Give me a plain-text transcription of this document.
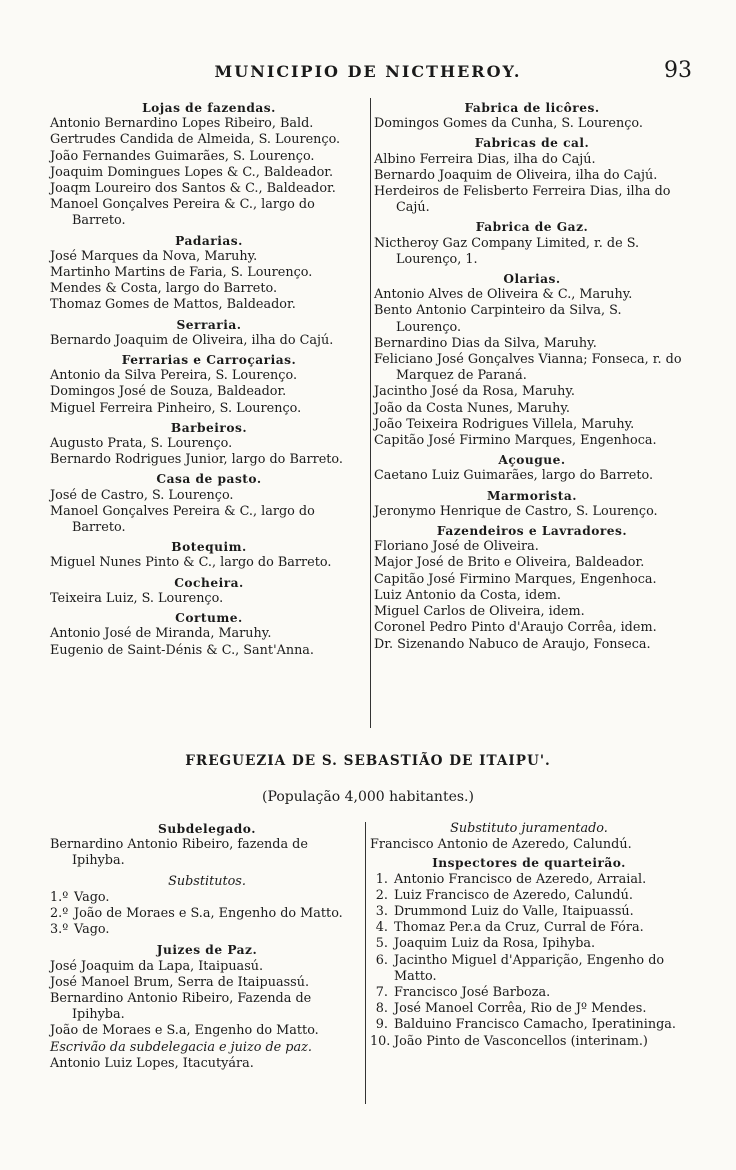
MUNICIPIO DE NICTHEROY.	93
Lojas de fazendas.
Antonio Bernardino Lopes Ribeiro, Bald.
Gertrudes Candida de Almeida, S. Lourenço.
João Fernandes Guimarães, S. Lourenço.
Joaquim Domingues Lopes & C., Baldeador.
Joaqm Loureiro dos Santos & C., Baldeador.
Manoel Gonçalves Pereira & C., largo do Barreto.
Padarias.
José Marques da Nova, Maruhy.
Martinho Martins de Faria, S. Lourenço.
Mendes & Costa, largo do Barreto.
Thomaz Gomes de Mattos, Baldeador.
Serraria.
Bernardo Joaquim de Oliveira, ilha do Cajú.
Ferrarias e Carroçarias.
Antonio da Silva Pereira, S. Lourenço.
Domingos José de Souza, Baldeador.
Miguel Ferreira Pinheiro, S. Lourenço.
Barbeiros.
Augusto Prata, S. Lourenço.
Bernardo Rodrigues Junior, largo do Barreto.
Casa de pasto.
José de Castro, S. Lourenço.
Manoel Gonçalves Pereira & C., largo do Barreto.
Botequim.
Miguel Nunes Pinto & C., largo do Barreto.
Cocheira.
Teixeira Luiz, S. Lourenço.
Cortume.
Antonio José de Miranda, Maruhy.
Eugenio de Saint-Dénis & C., Sant'Anna.
Fabrica de licôres.
Domingos Gomes da Cunha, S. Lourenço.
Fabricas de cal.
Albino Ferreira Dias, ilha do Cajú.
Bernardo Joaquim de Oliveira, ilha do Cajú.
Herdeiros de Felisberto Ferreira Dias, ilha do Cajú.
Fabrica de Gaz.
Nictheroy Gaz Company Limited, r. de S. Lourenço, 1.
Olarias.
Antonio Alves de Oliveira & C., Maruhy.
Bento Antonio Carpinteiro da Silva, S. Lourenço.
Bernardino Dias da Silva, Maruhy.
Feliciano José Gonçalves Vianna; Fonseca, r. do Marquez de Paraná.
Jacintho José da Rosa, Maruhy.
João da Costa Nunes, Maruhy.
João Teixeira Rodrigues Villela, Maruhy.
Capitão José Firmino Marques, Engenhoca.
Açougue.
Caetano Luiz Guimarães, largo do Barreto.
Marmorista.
Jeronymo Henrique de Castro, S. Lourenço.
Fazendeiros e Lavradores.
Floriano José de Oliveira.
Major José de Brito e Oliveira, Baldeador.
Capitão José Firmino Marques, Engenhoca.
Luiz Antonio da Costa, idem.
Miguel Carlos de Oliveira, idem.
Coronel Pedro Pinto d'Araujo Corrêa, idem.
Dr. Sizenando Nabuco de Araujo, Fonseca.
FREGUEZIA DE S. SEBASTIÃO DE ITAIPU'.
(População 4,000 habitantes.)
Subdelegado.
Bernardino Antonio Ribeiro, fazenda de Ipihyba.
Substitutos.
1.º Vago.
2.º João de Moraes e S.a, Engenho do Matto.
3.º Vago.
Juizes de Paz.
José Joaquim da Lapa, Itaipuasú.
José Manoel Brum, Serra de Itaipuassú.
Bernardino Antonio Ribeiro, Fazenda de Ipihyba.
João de Moraes e S.a, Engenho do Matto.
Escrivão da subdelegacia e juizo de paz.
Antonio Luiz Lopes, Itacutyára.
Substituto juramentado.
Francisco Antonio de Azeredo, Calundú.
Inspectores de quarteirão.
1. Antonio Francisco de Azeredo, Arraial.
2. Luiz Francisco de Azeredo, Calundú.
3. Drummond Luiz do Valle, Itaipuassú.
4. Thomaz Per.a da Cruz, Curral de Fóra.
5. Joaquim Luiz da Rosa, Ipihyba.
6. Jacintho Miguel d'Apparição, Engenho do Matto.
7. Francisco José Barboza.
8. José Manoel Corrêa, Rio de Jº Mendes.
9. Balduino Francisco Camacho, Iperatininga.
10. João Pinto de Vasconcellos (interinam.)
